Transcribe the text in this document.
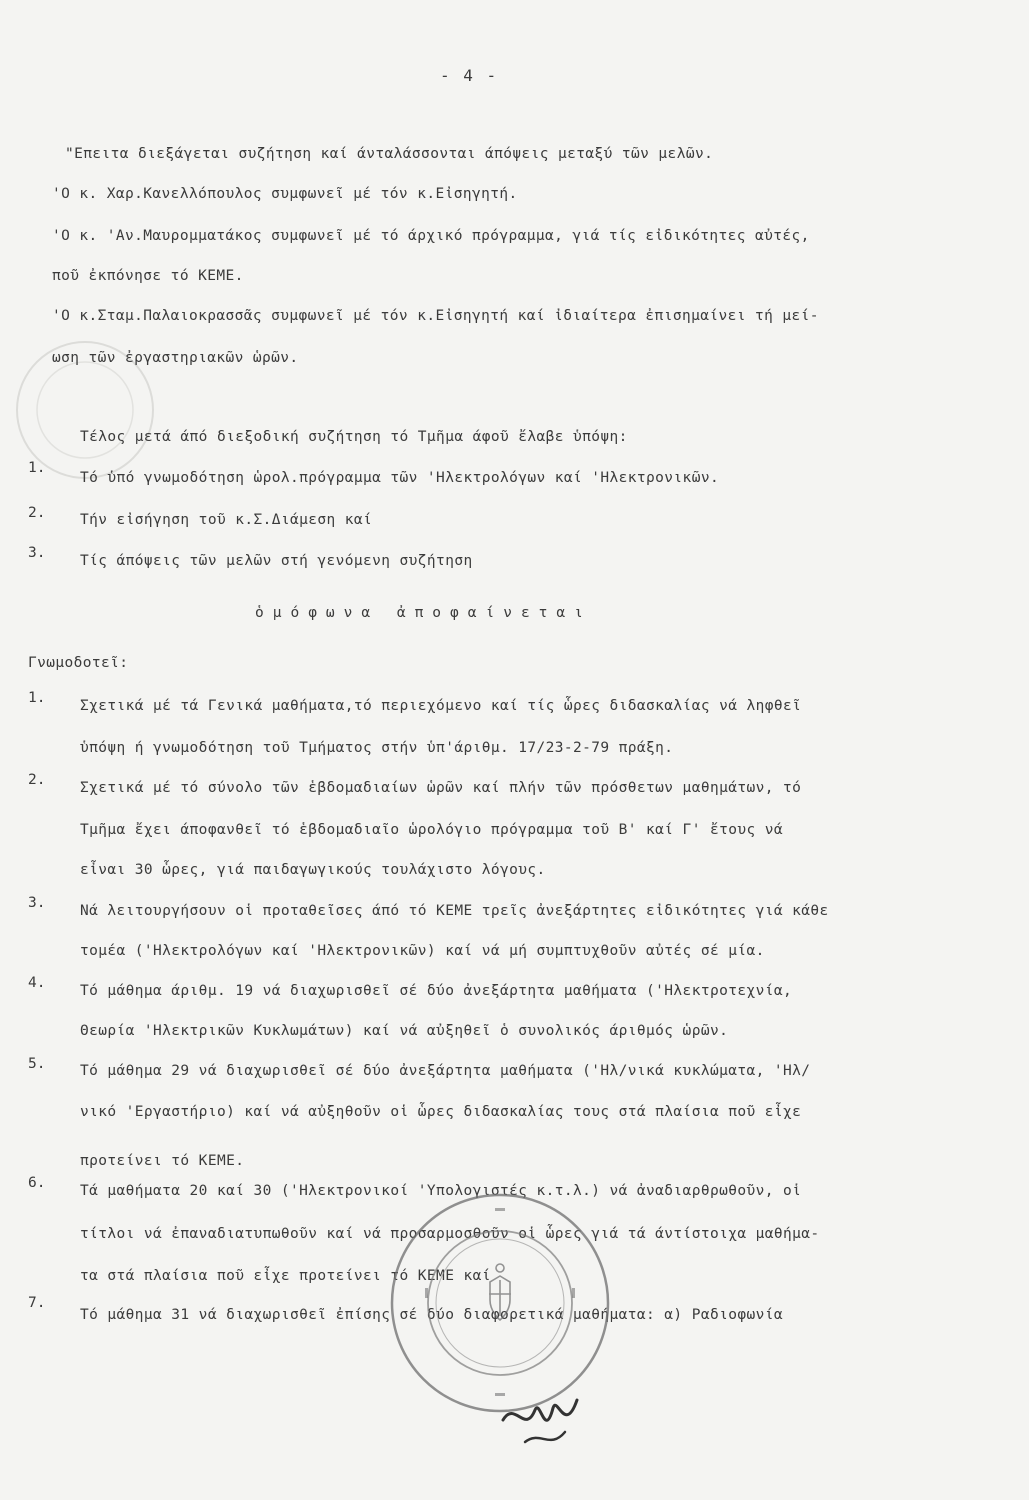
- 4 -
"Επειτα διεξάγεται συζήτηση καί άνταλάσσονται άπόψεις μεταξύ τῶν μελῶν.
'Ο κ. Χαρ.Κανελλόπουλος συμφωνεῖ μέ τόν κ.Εἰσηγητή.
'Ο κ. 'Αν.Μαυρομματάκος συμφωνεῖ μέ τό άρχικό πρόγραμμα, γιά τίς εἰδικότητες αὐτές,
ποῦ ἐκπόνησε τό ΚΕΜΕ.
'Ο κ.Σταμ.Παλαιοκρασσᾶς συμφωνεῖ μέ τόν κ.Εἰσηγητή καί ἰδιαίτερα ἐπισημαίνει τή μεί-
ωση τῶν ἐργαστηριακῶν ὡρῶν.
Τέλος μετά άπό διεξοδική συζήτηση τό Τμῆμα άφοῦ ἔλαβε ὑπόψη:
1.
Τό ὑπό γνωμοδότηση ὡρολ.πρόγραμμα τῶν 'Ηλεκτρολόγων καί 'Ηλεκτρονικῶν.
2. Τήν εἰσήγηση τοῦ κ.Σ.Διάμεση καί
3. Τίς άπόψεις τῶν μελῶν στή γενόμενη συζήτηση
ὁμόφωνα ἀποφαίνεται
Γνωμοδοτεῖ:
1. Σχετικά μέ τά Γενικά μαθήματα,τό περιεχόμενο καί τίς ὧρες διδασκαλίας νά ληφθεῖ
ὑπόψη ή γνωμοδότηση τοῦ Τμήματος στήν ὑπ'άριθμ. 17/23-2-79 πράξη.
2. Σχετικά μέ τό σύνολο τῶν ἑβδομαδιαίων ὡρῶν καί πλήν τῶν πρόσθετων μαθημάτων, τό
Τμῆμα ἔχει άποφανθεῖ τό ἑβδομαδιαῖο ὡρολόγιο πρόγραμμα τοῦ Β' καί Γ' ἔτους νά
εἶναι 30 ὧρες, γιά παιδαγωγικούς τουλάχιστο λόγους.
3. Νά λειτουργήσουν οἱ προταθεῖσες άπό τό ΚΕΜΕ τρεῖς ἀνεξάρτητες εἰδικότητες γιά κάθε
τομέα ('Ηλεκτρολόγων καί 'Ηλεκτρονικῶν) καί νά μή συμπτυχθοῦν αὐτές σέ μία.
4. Τό μάθημα άριθμ. 19 νά διαχωρισθεῖ σέ δύο ἀνεξάρτητα μαθήματα ('Ηλεκτροτεχνία,
Θεωρία 'Ηλεκτρικῶν Κυκλωμάτων) καί νά αὐξηθεῖ ὁ συνολικός άριθμός ὡρῶν.
5. Τό μάθημα 29 νά διαχωρισθεῖ σέ δύο ἀνεξάρτητα μαθήματα ('Ηλ/νικά κυκλώματα, 'Ηλ/
νικό 'Εργαστήριο) καί νά αὐξηθοῦν οἱ ὧρες διδασκαλίας τους στά πλαίσια ποῦ εἶχε
προτείνει τό ΚΕΜΕ.
6. Τά μαθήματα 20 καί 30 ('Ηλεκτρονικοί 'Υπολογιστές κ.τ.λ.) νά ἀναδιαρθρωθοῦν, οἱ
τίτλοι νά ἐπαναδιατυπωθοῦν καί νά προσαρμοσθοῦν οἱ ὧρες γιά τά άντίστοιχα μαθήμα-
τα στά πλαίσια ποῦ εἶχε προτείνει τό ΚΕΜΕ καί
7.
Τό μάθημα 31 νά διαχωρισθεῖ ἐπίσης σέ δύο διαφορετικά μαθήματα: α) Ραδιοφωνία
